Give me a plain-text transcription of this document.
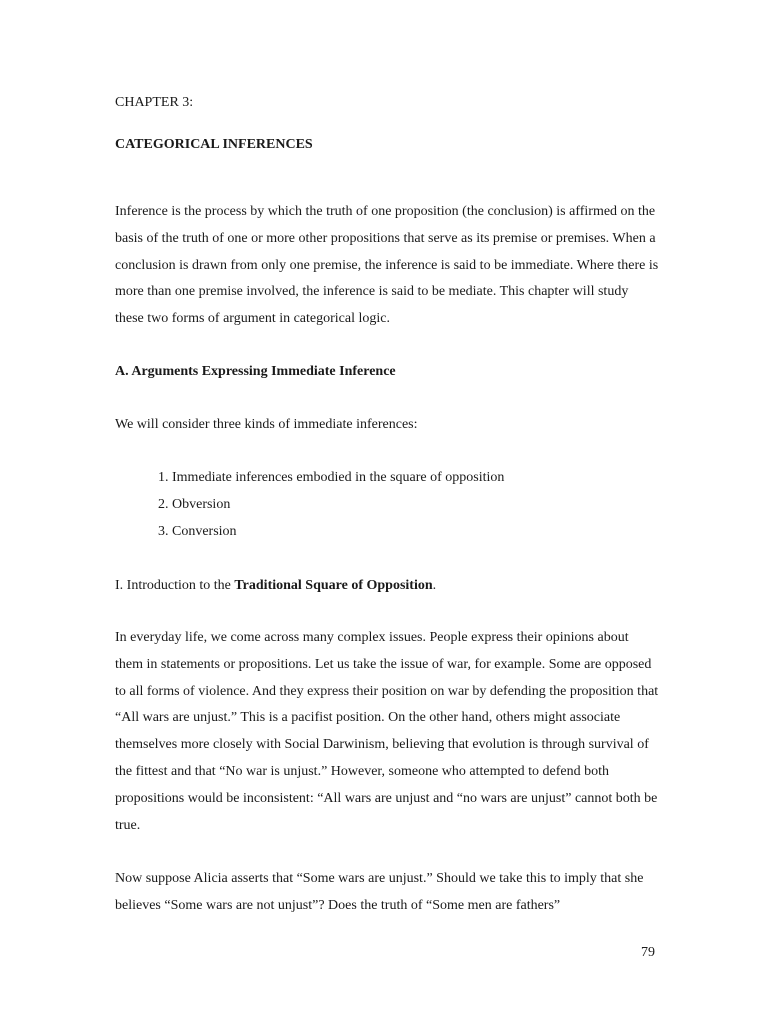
CHAPTER 3:
CATEGORICAL INFERENCES
Inference is the process by which the truth of one proposition (the conclusion) is affirmed on the basis of the truth of one or more other propositions that serve as its premise or premises. When a conclusion is drawn from only one premise, the inference is said to be immediate. Where there is more than one premise involved, the inference is said to be mediate. This chapter will study these two forms of argument in categorical logic.
A. Arguments Expressing Immediate Inference
We will consider three kinds of immediate inferences:
1. Immediate inferences embodied in the square of opposition
2. Obversion
3. Conversion
I. Introduction to the Traditional Square of Opposition.
In everyday life, we come across many complex issues. People express their opinions about them in statements or propositions. Let us take the issue of war, for example. Some are opposed to all forms of violence. And they express their position on war by defending the proposition that “All wars are unjust.” This is a pacifist position. On the other hand, others might associate themselves more closely with Social Darwinism, believing that evolution is through survival of the fittest and that “No war is unjust.” However, someone who attempted to defend both propositions would be inconsistent: “All wars are unjust and “no wars are unjust” cannot both be true.
Now suppose Alicia asserts that “Some wars are unjust.” Should we take this to imply that she believes “Some wars are not unjust”? Does the truth of “Some men are fathers”
79
